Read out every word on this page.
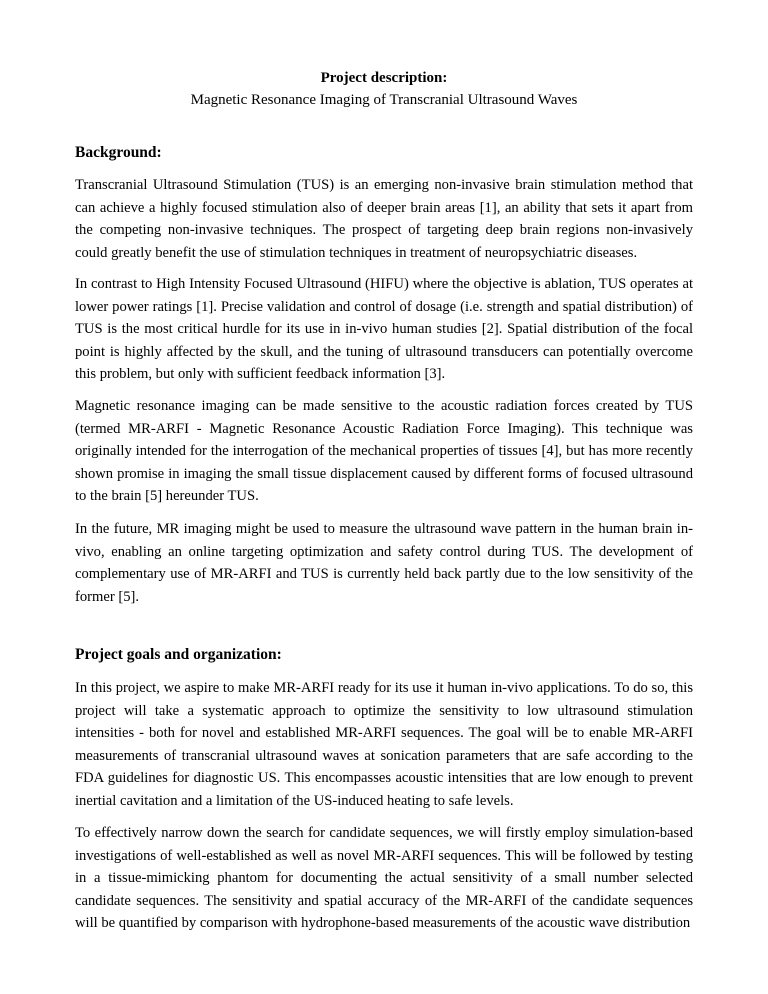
Project description:
Magnetic Resonance Imaging of Transcranial Ultrasound Waves
Background:

Transcranial Ultrasound Stimulation (TUS) is an emerging non-invasive brain stimulation method that can achieve a highly focused stimulation also of deeper brain areas [1], an ability that sets it apart from the competing non-invasive techniques. The prospect of targeting deep brain regions non-invasively could greatly benefit the use of stimulation techniques in treatment of neuropsychiatric diseases.

In contrast to High Intensity Focused Ultrasound (HIFU) where the objective is ablation, TUS operates at lower power ratings [1]. Precise validation and control of dosage (i.e. strength and spatial distribution) of TUS is the most critical hurdle for its use in in-vivo human studies [2]. Spatial distribution of the focal point is highly affected by the skull, and the tuning of ultrasound transducers can potentially overcome this problem, but only with sufficient feedback information [3].

Magnetic resonance imaging can be made sensitive to the acoustic radiation forces created by TUS (termed MR-ARFI - Magnetic Resonance Acoustic Radiation Force Imaging). This technique was originally intended for the interrogation of the mechanical properties of tissues [4], but has more recently shown promise in imaging the small tissue displacement caused by different forms of focused ultrasound to the brain [5] hereunder TUS.

In the future, MR imaging might be used to measure the ultrasound wave pattern in the human brain in-vivo, enabling an online targeting optimization and safety control during TUS. The development of complementary use of MR-ARFI and TUS is currently held back partly due to the low sensitivity of the former [5].

Project goals and organization:

In this project, we aspire to make MR-ARFI ready for its use it human in-vivo applications. To do so, this project will take a systematic approach to optimize the sensitivity to low ultrasound stimulation intensities - both for novel and established MR-ARFI sequences. The goal will be to enable MR-ARFI measurements of transcranial ultrasound waves at sonication parameters that are safe according to the FDA guidelines for diagnostic US. This encompasses acoustic intensities that are low enough to prevent inertial cavitation and a limitation of the US-induced heating to safe levels.

To effectively narrow down the search for candidate sequences, we will firstly employ simulation-based investigations of well-established as well as novel MR-ARFI sequences. This will be followed by testing in a tissue-mimicking phantom for documenting the actual sensitivity of a small number selected candidate sequences. The sensitivity and spatial accuracy of the MR-ARFI of the candidate sequences will be quantified by comparison with hydrophone-based measurements of the acoustic wave distribution
